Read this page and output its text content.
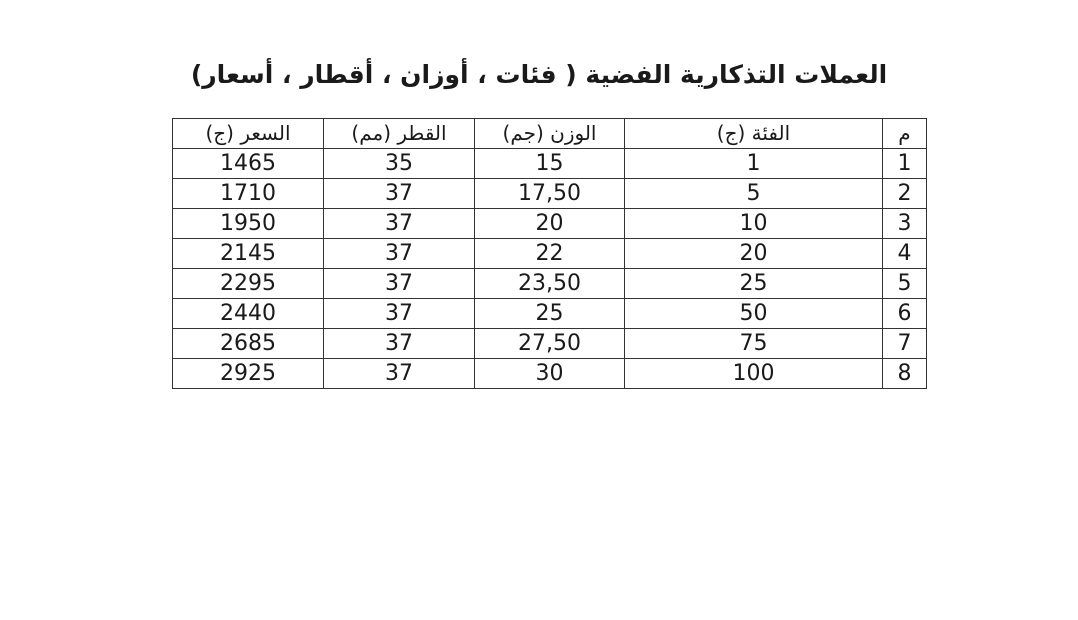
العملات التذكارية الفضية ( فئات ، أوزان ، أقطار ، أسعار)
م	الفئة (ج)	الوزن (جم)	القطر (مم)	السعر (ج)
1	1	15	35	1465
2	5	17,50	37	1710
3	10	20	37	1950
4	20	22	37	2145
5	25	23,50	37	2295
6	50	25	37	2440
7	75	27,50	37	2685
8	100	30	37	2925
